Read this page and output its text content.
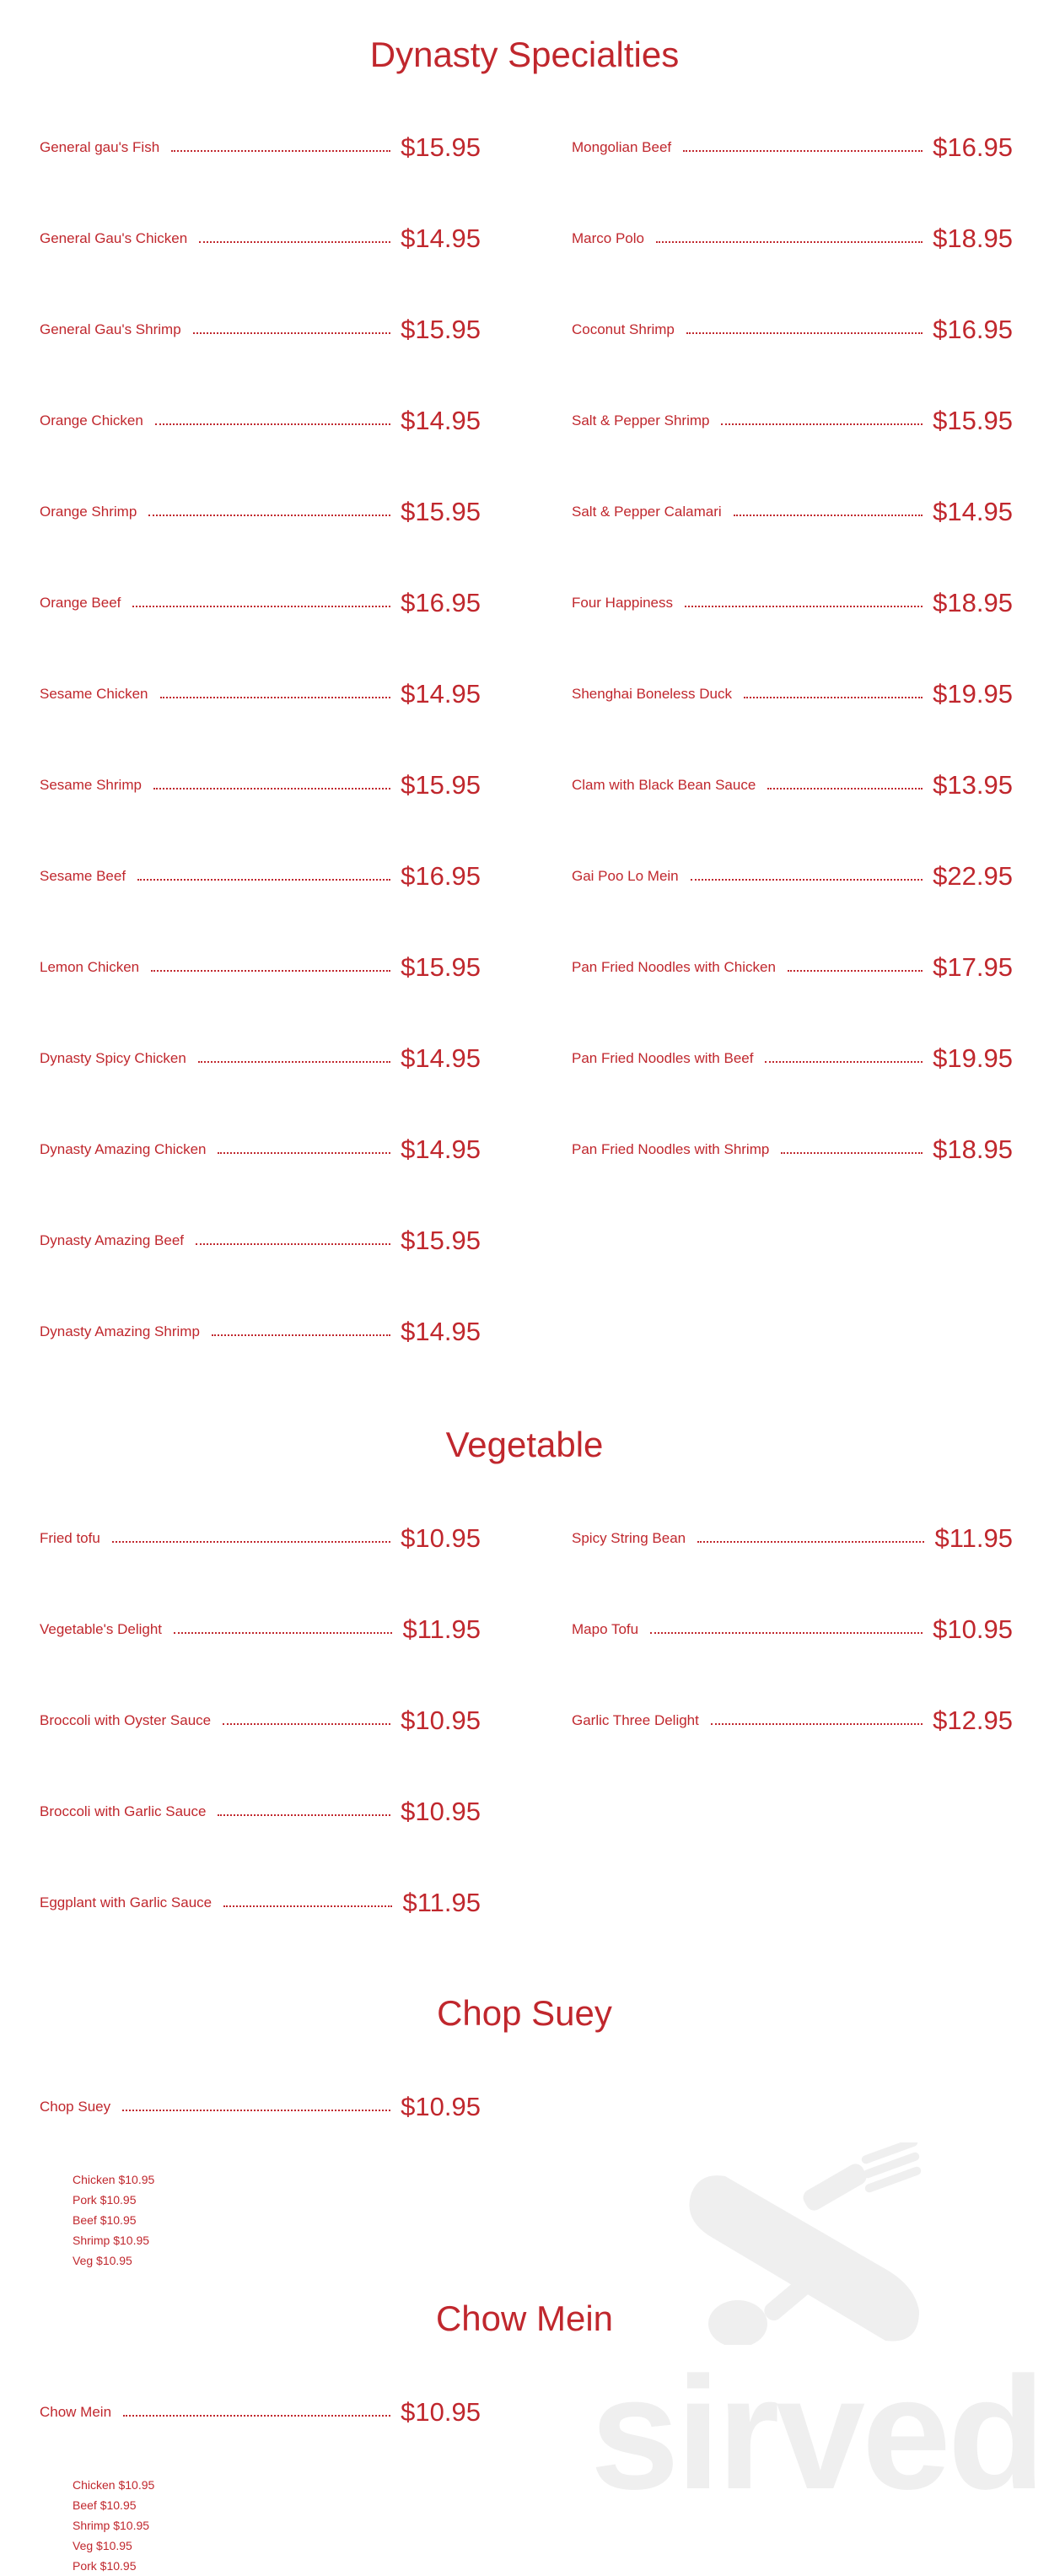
sirved
Dynasty Specialties
General gau's Fish	$15.95
General Gau's Chicken	$14.95
General Gau's Shrimp	$15.95
Orange Chicken	$14.95
Orange Shrimp	$15.95
Orange Beef	$16.95
Sesame Chicken	$14.95
Sesame Shrimp	$15.95
Sesame Beef	$16.95
Lemon Chicken	$15.95
Dynasty Spicy Chicken	$14.95
Dynasty Amazing Chicken	$14.95
Dynasty Amazing Beef	$15.95
Dynasty Amazing Shrimp	$14.95
Mongolian Beef	$16.95
Marco Polo	$18.95
Coconut Shrimp	$16.95
Salt & Pepper Shrimp	$15.95
Salt & Pepper Calamari	$14.95
Four Happiness	$18.95
Shenghai Boneless Duck	$19.95
Clam with Black Bean Sauce	$13.95
Gai Poo Lo Mein	$22.95
Pan Fried Noodles with Chicken	$17.95
Pan Fried Noodles with Beef	$19.95
Pan Fried Noodles with Shrimp	$18.95
Vegetable
Fried tofu	$10.95
Vegetable's Delight	$11.95
Broccoli with Oyster Sauce	$10.95
Broccoli with Garlic Sauce	$10.95
Eggplant with Garlic Sauce	$11.95
Spicy String Bean	$11.95
Mapo Tofu	$10.95
Garlic Three Delight	$12.95
Chop Suey
Chop Suey	$10.95
Chicken $10.95
Pork $10.95
Beef $10.95
Shrimp $10.95
Veg $10.95
Chow Mein
Chow Mein	$10.95
Chicken $10.95
Beef $10.95
Shrimp $10.95
Veg $10.95
Pork $10.95
